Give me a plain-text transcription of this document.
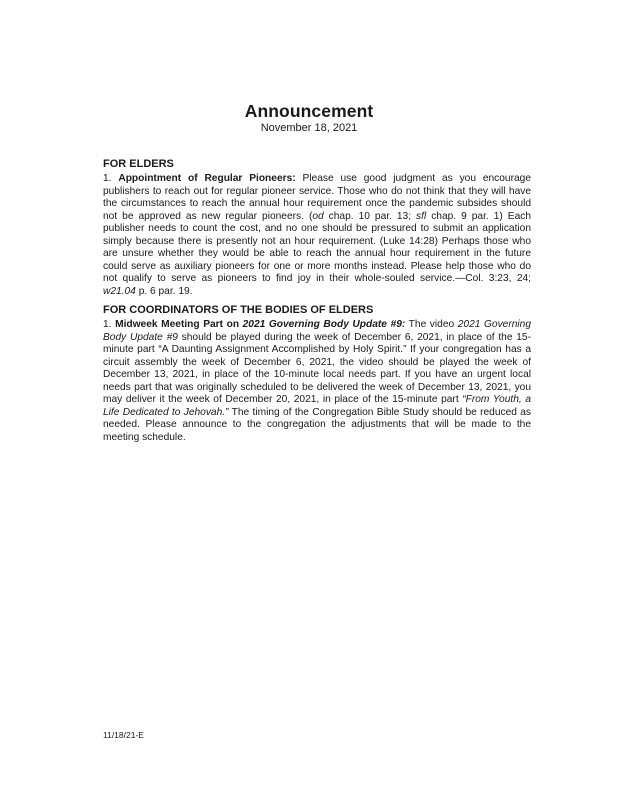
Announcement
November 18, 2021
FOR ELDERS
1. Appointment of Regular Pioneers: Please use good judgment as you encourage publishers to reach out for regular pioneer service. Those who do not think that they will have the circumstances to reach the annual hour requirement once the pandemic subsides should not be approved as new regular pioneers. (od chap. 10 par. 13; sfl chap. 9 par. 1) Each publisher needs to count the cost, and no one should be pressured to submit an application simply because there is presently not an hour requirement. (Luke 14:28) Perhaps those who are unsure whether they would be able to reach the annual hour requirement in the future could serve as auxiliary pioneers for one or more months instead. Please help those who do not qualify to serve as pioneers to find joy in their whole-souled service.—Col. 3:23, 24; w21.04 p. 6 par. 19.
FOR COORDINATORS OF THE BODIES OF ELDERS
1. Midweek Meeting Part on 2021 Governing Body Update #9: The video 2021 Governing Body Update #9 should be played during the week of December 6, 2021, in place of the 15-minute part “A Daunting Assignment Accomplished by Holy Spirit.” If your congregation has a circuit assembly the week of December 6, 2021, the video should be played the week of December 13, 2021, in place of the 10-minute local needs part. If you have an urgent local needs part that was originally scheduled to be delivered the week of December 13, 2021, you may deliver it the week of December 20, 2021, in place of the 15-minute part “From Youth, a Life Dedicated to Jehovah.” The timing of the Congregation Bible Study should be reduced as needed. Please announce to the congregation the adjustments that will be made to the meeting schedule.
11/18/21-E
